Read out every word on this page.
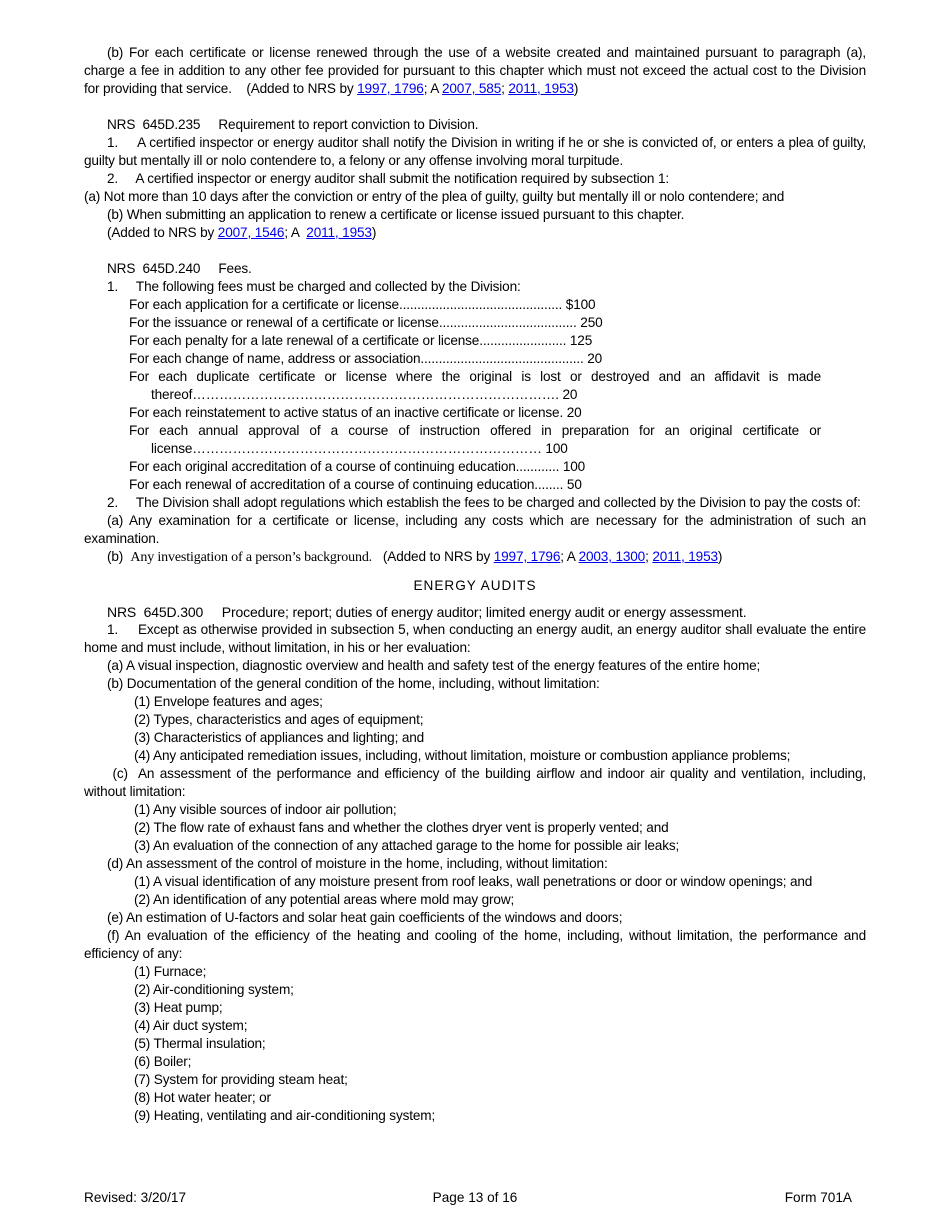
(b) For each certificate or license renewed through the use of a website created and maintained pursuant to paragraph (a), charge a fee in addition to any other fee provided for pursuant to this chapter which must not exceed the actual cost to the Division for providing that service. (Added to NRS by 1997, 1796; A 2007, 585; 2011, 1953)

NRS  645D.235     Requirement to report conviction to Division.

1.     A certified inspector or energy auditor shall notify the Division in writing if he or she is convicted of, or enters a plea of guilty, guilty but mentally ill or nolo contendere to, a felony or any offense involving moral turpitude.

2.     A certified inspector or energy auditor shall submit the notification required by subsection 1:

(a) Not more than 10 days after the conviction or entry of the plea of guilty, guilty but mentally ill or nolo contendere; and

(b) When submitting an application to renew a certificate or license issued pursuant to this chapter.

(Added to NRS by 2007, 1546; A  2011, 1953)

NRS  645D.240     Fees.

1.     The following fees must be charged and collected by the Division:

For each application for a certificate or license............................................. $100

For the issuance or renewal of a certificate or license...................................... 250

For each penalty for a late renewal of a certificate or license........................ 125

For each change of name, address or association............................................. 20

For each duplicate certificate or license where the original is lost or destroyed and an affidavit is made thereof………………………………………………………………………. 20

For each reinstatement to active status of an inactive certificate or license. 20

For each annual approval of a course of instruction offered in preparation for an original certificate or license…………………………………………………………………… 100

For each original accreditation of a course of continuing education............ 100

For each renewal of accreditation of a course of continuing education........ 50

2.     The Division shall adopt regulations which establish the fees to be charged and collected by the Division to pay the costs of:

(a) Any examination for a certificate or license, including any costs which are necessary for the administration of such an examination.

(b)  Any investigation of a person’s background.   (Added to NRS by 1997, 1796; A 2003, 1300; 2011, 1953)

ENERGY AUDITS

NRS  645D.300     Procedure; report; duties of energy auditor; limited energy audit or energy assessment.

1.     Except as otherwise provided in subsection 5, when conducting an energy audit, an energy auditor shall evaluate the entire home and must include, without limitation, in his or her evaluation:

(a) A visual inspection, diagnostic overview and health and safety test of the energy features of the entire home;

(b) Documentation of the general condition of the home, including, without limitation:

(1) Envelope features and ages;

(2) Types, characteristics and ages of equipment;

(3) Characteristics of appliances and lighting; and

(4) Any anticipated remediation issues, including, without limitation, moisture or combustion appliance problems;

(c)  An assessment of the performance and efficiency of the building airflow and indoor air quality and ventilation, including, without limitation:

(1) Any visible sources of indoor air pollution;

(2) The flow rate of exhaust fans and whether the clothes dryer vent is properly vented; and

(3) An evaluation of the connection of any attached garage to the home for possible air leaks;

(d) An assessment of the control of moisture in the home, including, without limitation:

(1) A visual identification of any moisture present from roof leaks, wall penetrations or door or window openings; and

(2) An identification of any potential areas where mold may grow;

(e) An estimation of U-factors and solar heat gain coefficients of the windows and doors;

(f) An evaluation of the efficiency of the heating and cooling of the home, including, without limitation, the performance and efficiency of any:

(1) Furnace;

(2) Air-conditioning system;

(3) Heat pump;

(4) Air duct system;

(5) Thermal insulation;

(6) Boiler;

(7) System for providing steam heat;

(8) Hot water heater; or

(9) Heating, ventilating and air-conditioning system;

Revised: 3/20/17	Page 13 of 16	Form 701A
